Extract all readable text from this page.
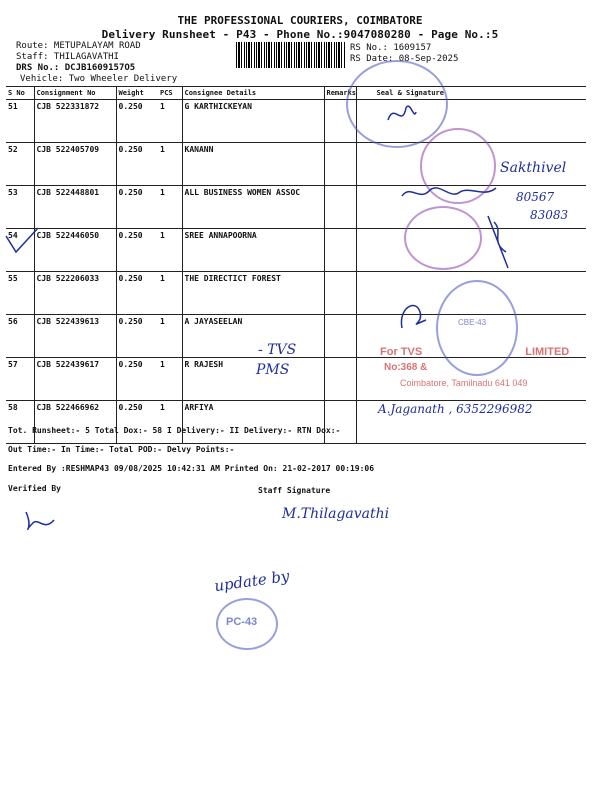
THE PROFESSIONAL COURIERS, COIMBATORE
Delivery Runsheet - P43 - Phone No.:9047080280 - Page No.:5
Route: METUPALAYAM ROAD
Staff: THILAGAVATHI
DRS No.: DCJB1609157O5
Vehicle: Two Wheeler Delivery
RS No.: 1609157
RS Date: 08-Sep-2025
S No	Consignment No	Weight	PCS	Consignee Details	Remarks	Seal & Signature
51	CJB 522331872	0.250	1	G KARTHICKEYAN		
52	CJB 522405709	0.250	1	KANANN		
53	CJB 522448801	0.250	1	ALL BUSINESS WOMEN ASSOC		
54	CJB 522446050	0.250	1	SREE ANNAPOORNA		
55	CJB 522206033	0.250	1	THE DIRECTICT FOREST		
56	CJB 522439613	0.250	1	A JAYASEELAN		
57	CJB 522439617	0.250	1	R RAJESH		
58	CJB 522466962	0.250	1	ARFIYA		
CBE-43
Sakthivel
80567
83083
- TVS
PMS
A.Jaganath , 6352296982
update by
PC-43
M.Thilagavathi
For TVS	LIMITED
No:368 &
Coimbatore, Tamilnadu 641 049
Tot. Runsheet:- 5 Total Dox:- 58 I Delivery:- II Delivery:- RTN Dox:-
Out Time:- In Time:- Total POD:- Delvy Points:-
Entered By :RESHMAP43 09/08/2025 10:42:31 AM Printed On: 21-02-2017 00:19:06
Verified By	Staff Signature
